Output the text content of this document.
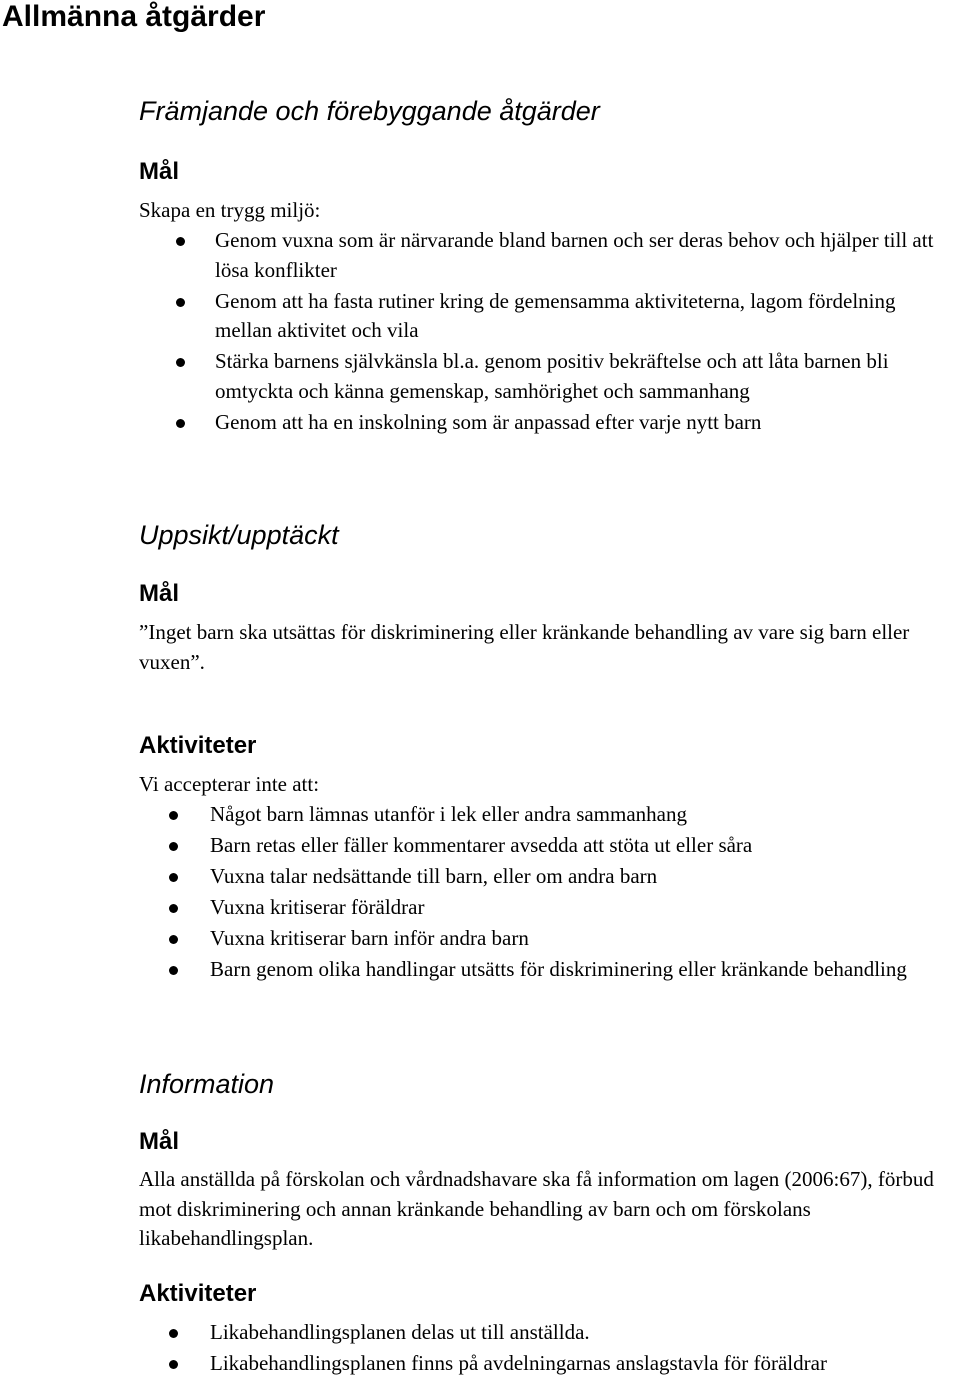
Allmänna åtgärder
Främjande och förebyggande åtgärder
Mål

Skapa en trygg miljö:

Genom vuxna som är närvarande bland barnen och ser deras behov och hjälper till att lösa konflikter
Genom att ha fasta rutiner kring de gemensamma aktiviteterna, lagom fördelning mellan aktivitet och vila
Stärka barnens självkänsla bl.a. genom positiv bekräftelse och att låta barnen bli omtyckta och känna gemenskap, samhörighet och sammanhang
Genom att ha en inskolning som är anpassad efter varje nytt barn
Uppsikt/upptäckt
Mål

”Inget barn ska utsättas för diskriminering eller kränkande behandling av vare sig barn eller vuxen”.

Aktiviteter

Vi accepterar inte att:

Något barn lämnas utanför i lek eller andra sammanhang
Barn retas eller fäller kommentarer avsedda att stöta ut eller såra
Vuxna talar nedsättande till barn, eller om andra barn
Vuxna kritiserar föräldrar
Vuxna kritiserar barn inför andra barn
Barn genom olika handlingar utsätts för diskriminering eller kränkande behandling
Information
Mål

Alla anställda på förskolan och vårdnadshavare ska få information om lagen (2006:67), förbud mot diskriminering och annan kränkande behandling av barn och om förskolans likabehandlingsplan.

Aktiviteter
Likabehandlingsplanen delas ut till anställda.
Likabehandlingsplanen finns på avdelningarnas anslagstavla för föräldrar
